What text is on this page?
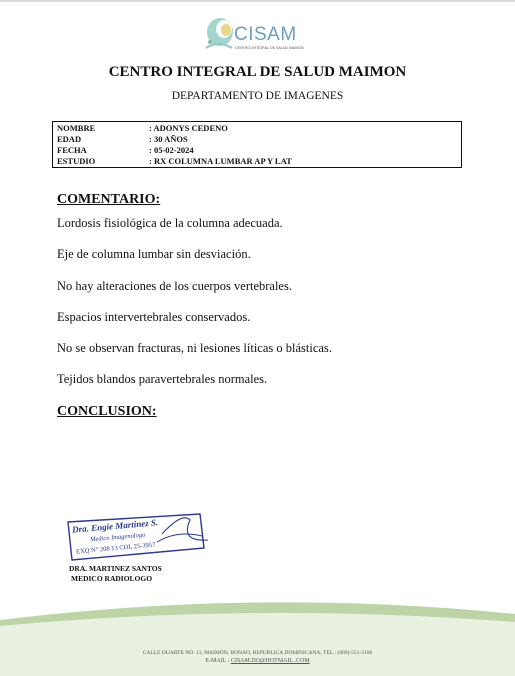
CISAM
CENTRO INTEGRAL DE SALUD MAIMON
CENTRO INTEGRAL DE SALUD MAIMON
DEPARTAMENTO DE IMAGENES
NOMBRE	: ADONYS CEDENO
EDAD	: 30 AÑOS
FECHA	: 05-02-2024
ESTUDIO	: RX COLUMNA LUMBAR AP Y LAT
COMENTARIO:
Lordosis fisiológica de la columna adecuada.
Eje de columna lumbar sin desviación.
No hay alteraciones de los cuerpos vertebrales.
Espacios intervertebrales conservados.
No se observan fracturas, ni lesiones líticas o blásticas.
Tejidos blandos paravertebrales normales.
CONCLUSION:
Dra. Engie Martinez S.
Medico Imagenologo
EXQ N° 208 13 COL 25-3957
DRA. MARTINEZ SANTOS
MEDICO RADIOLOGO
CALLE DUARTE NO. 13, MAIMÓN, BONAO, REPUBLICA DOMINICANA, TEL.: (809)-551-2106
E-MAIL : CISAM.DO@HOTMAIL .COM
